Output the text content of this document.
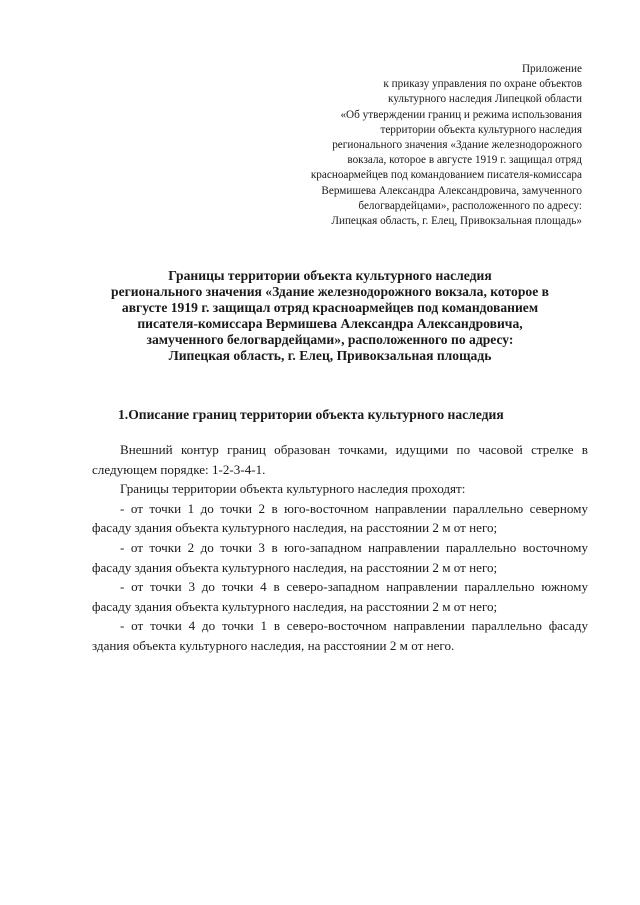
Приложение
к приказу управления по охране объектов
культурного наследия Липецкой области
«Об утверждении границ и режима использования
территории объекта культурного наследия
регионального значения «Здание железнодорожного
вокзала, которое в августе 1919 г. защищал отряд
красноармейцев под командованием писателя-комиссара
Вермишева Александра Александровича, замученного
белогвардейцами», расположенного по адресу:
Липецкая область, г. Елец, Привокзальная площадь»
Границы территории объекта культурного наследия
регионального значения «Здание железнодорожного вокзала, которое в
августе 1919 г. защищал отряд красноармейцев под командованием
писателя-комиссара Вермишева Александра Александровича,
замученного белогвардейцами», расположенного по адресу:
Липецкая область, г. Елец, Привокзальная площадь
1.Описание границ территории объекта культурного наследия

Внешний контур границ образован точками, идущими по часовой стрелке в следующем порядке: 1-2-3-4-1.

Границы территории объекта культурного наследия проходят:

- от точки 1 до точки 2 в юго-восточном направлении параллельно северному фасаду здания объекта культурного наследия, на расстоянии 2 м от него;

- от точки 2 до точки 3 в юго-западном направлении параллельно восточному фасаду здания объекта культурного наследия, на расстоянии 2 м от него;

- от точки 3 до точки 4 в северо-западном направлении параллельно южному фасаду здания объекта культурного наследия, на расстоянии 2 м от него;

- от точки 4 до точки 1 в северо-восточном направлении параллельно фасаду здания объекта культурного наследия, на расстоянии 2 м от него.
